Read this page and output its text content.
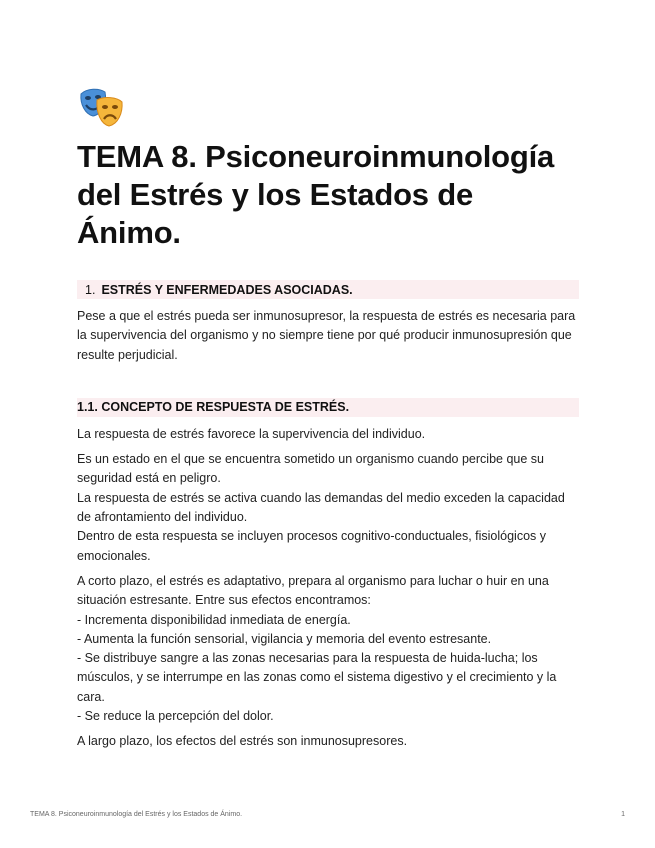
TEMA 8. Psiconeuroinmunología del Estrés y los Estados de Ánimo.
1. ESTRÉS Y ENFERMEDADES ASOCIADAS.

Pese a que el estrés pueda ser inmunosupresor, la respuesta de estrés es necesaria para la supervivencia del organismo y no siempre tiene por qué producir inmunosupresión que resulte perjudicial.

1.1. CONCEPTO DE RESPUESTA DE ESTRÉS.

La respuesta de estrés favorece la supervivencia del individuo.

Es un estado en el que se encuentra sometido un organismo cuando percibe que su seguridad está en peligro.

La respuesta de estrés se activa cuando las demandas del medio exceden la capacidad de afrontamiento del individuo.

Dentro de esta respuesta se incluyen procesos cognitivo-conductuales, fisiológicos y emocionales.

A corto plazo, el estrés es adaptativo, prepara al organismo para luchar o huir en una situación estresante. Entre sus efectos encontramos:

- Incrementa disponibilidad inmediata de energía.

- Aumenta la función sensorial, vigilancia y memoria del evento estresante.

- Se distribuye sangre a las zonas necesarias para la respuesta de huida-lucha; los músculos, y se interrumpe en las zonas como el sistema digestivo y el crecimiento y la cara.

- Se reduce la percepción del dolor.

A largo plazo, los efectos del estrés son inmunosupresores.

TEMA 8. Psiconeuroinmunología del Estrés y los Estados de Ánimo.	1
